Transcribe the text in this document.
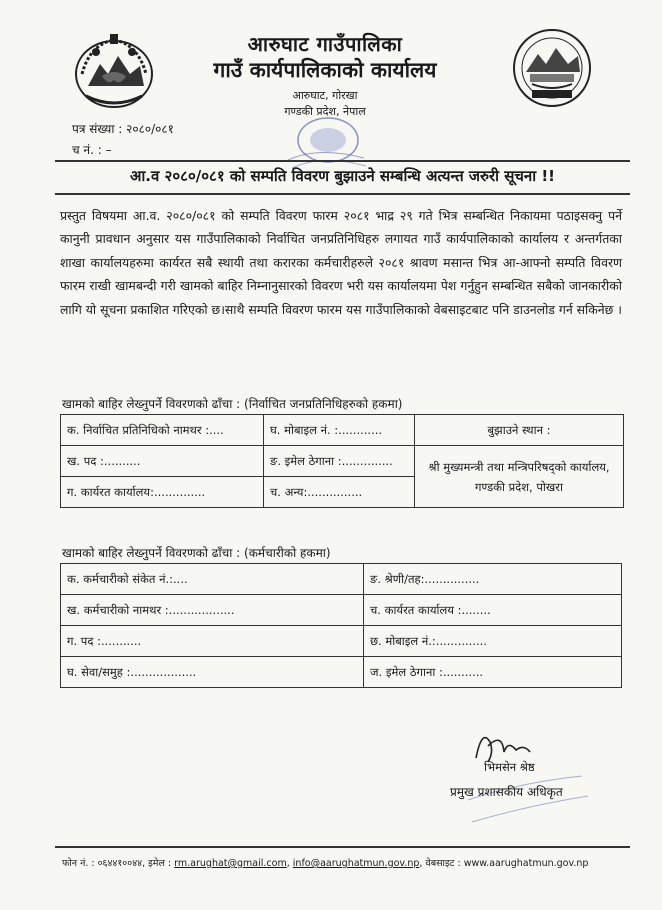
आरुघाट गाउँपालिका
गाउँ कार्यपालिकाको कार्यालय
आरुघाट, गोरखा
गण्डकी प्रदेश, नेपाल
पत्र संख्या : २०८०/०८१
च नं. : –
आ.व २०८०/०८१ को सम्पति विवरण बुझाउने सम्बन्धि अत्यन्त जरुरी सूचना !!
प्रस्तुत विषयमा आ.व. २०८०/०८१ को सम्पति विवरण फारम २०८१ भाद्र २९ गते भित्र सम्बन्धित निकायमा पठाइसक्नु पर्ने कानुनी प्रावधान अनुसार यस गाउँपालिकाको निर्वाचित जनप्रतिनिधिहरु लगायत गाउँ कार्यपालिकाको कार्यालय र अन्तर्गतका शाखा कार्यालयहरुमा कार्यरत सबै स्थायी तथा करारका कर्मचारीहरुले २०८१ श्रावण मसान्त भित्र आ-आफ्नो सम्पति विवरण फारम राखी खामबन्दी गरी खामको बाहिर निम्नानुसारको विवरण भरी यस कार्यालयमा पेश गर्नुहुन सम्बन्धित सबैको जानकारीको लागि यो सूचना प्रकाशित गरिएको छ।साथै सम्पति विवरण फारम यस गाउँपालिकाको वेबसाइटबाट पनि डाउनलोड गर्न सकिनेछ ।
खामको बाहिर लेख्नुपर्ने विवरणको ढाँचा : (निर्वाचित जनप्रतिनिधिहरुको हकमा)
क. निर्वाचित प्रतिनिधिको नामथर :....	घ. मोबाइल नं. :............	बुझाउने स्थान :
ख. पद :..........	ङ. इमेल ठेगाना :..............	श्री मुख्यमन्त्री तथा मन्त्रिपरिषद्‌को कार्यालय, गण्डकी प्रदेश, पोखरा
ग. कार्यरत कार्यालय:..............	च. अन्य:...............	
खामको बाहिर लेख्नुपर्ने विवरणको ढाँचा : (कर्मचारीको हकमा)
क. कर्मचारीको संकेत नं.:....	ङ. श्रेणी/तह:...............
ख. कर्मचारीको नामथर :..................	च. कार्यरत कार्यालय :........
ग. पद :...........	छ. मोबाइल नं.:..............
घ. सेवा/समुह :..................	ज. इमेल ठेगाना :...........
भिमसेन श्रेष्ठ
प्रमुख प्रशासकीय अधिकृत
फोन नं. : ०६४४१००४४, इमेल : rm.arughat@gmail.com, info@aarughatmun.gov.np, वेबसाइट : www.aarughatmun.gov.np
